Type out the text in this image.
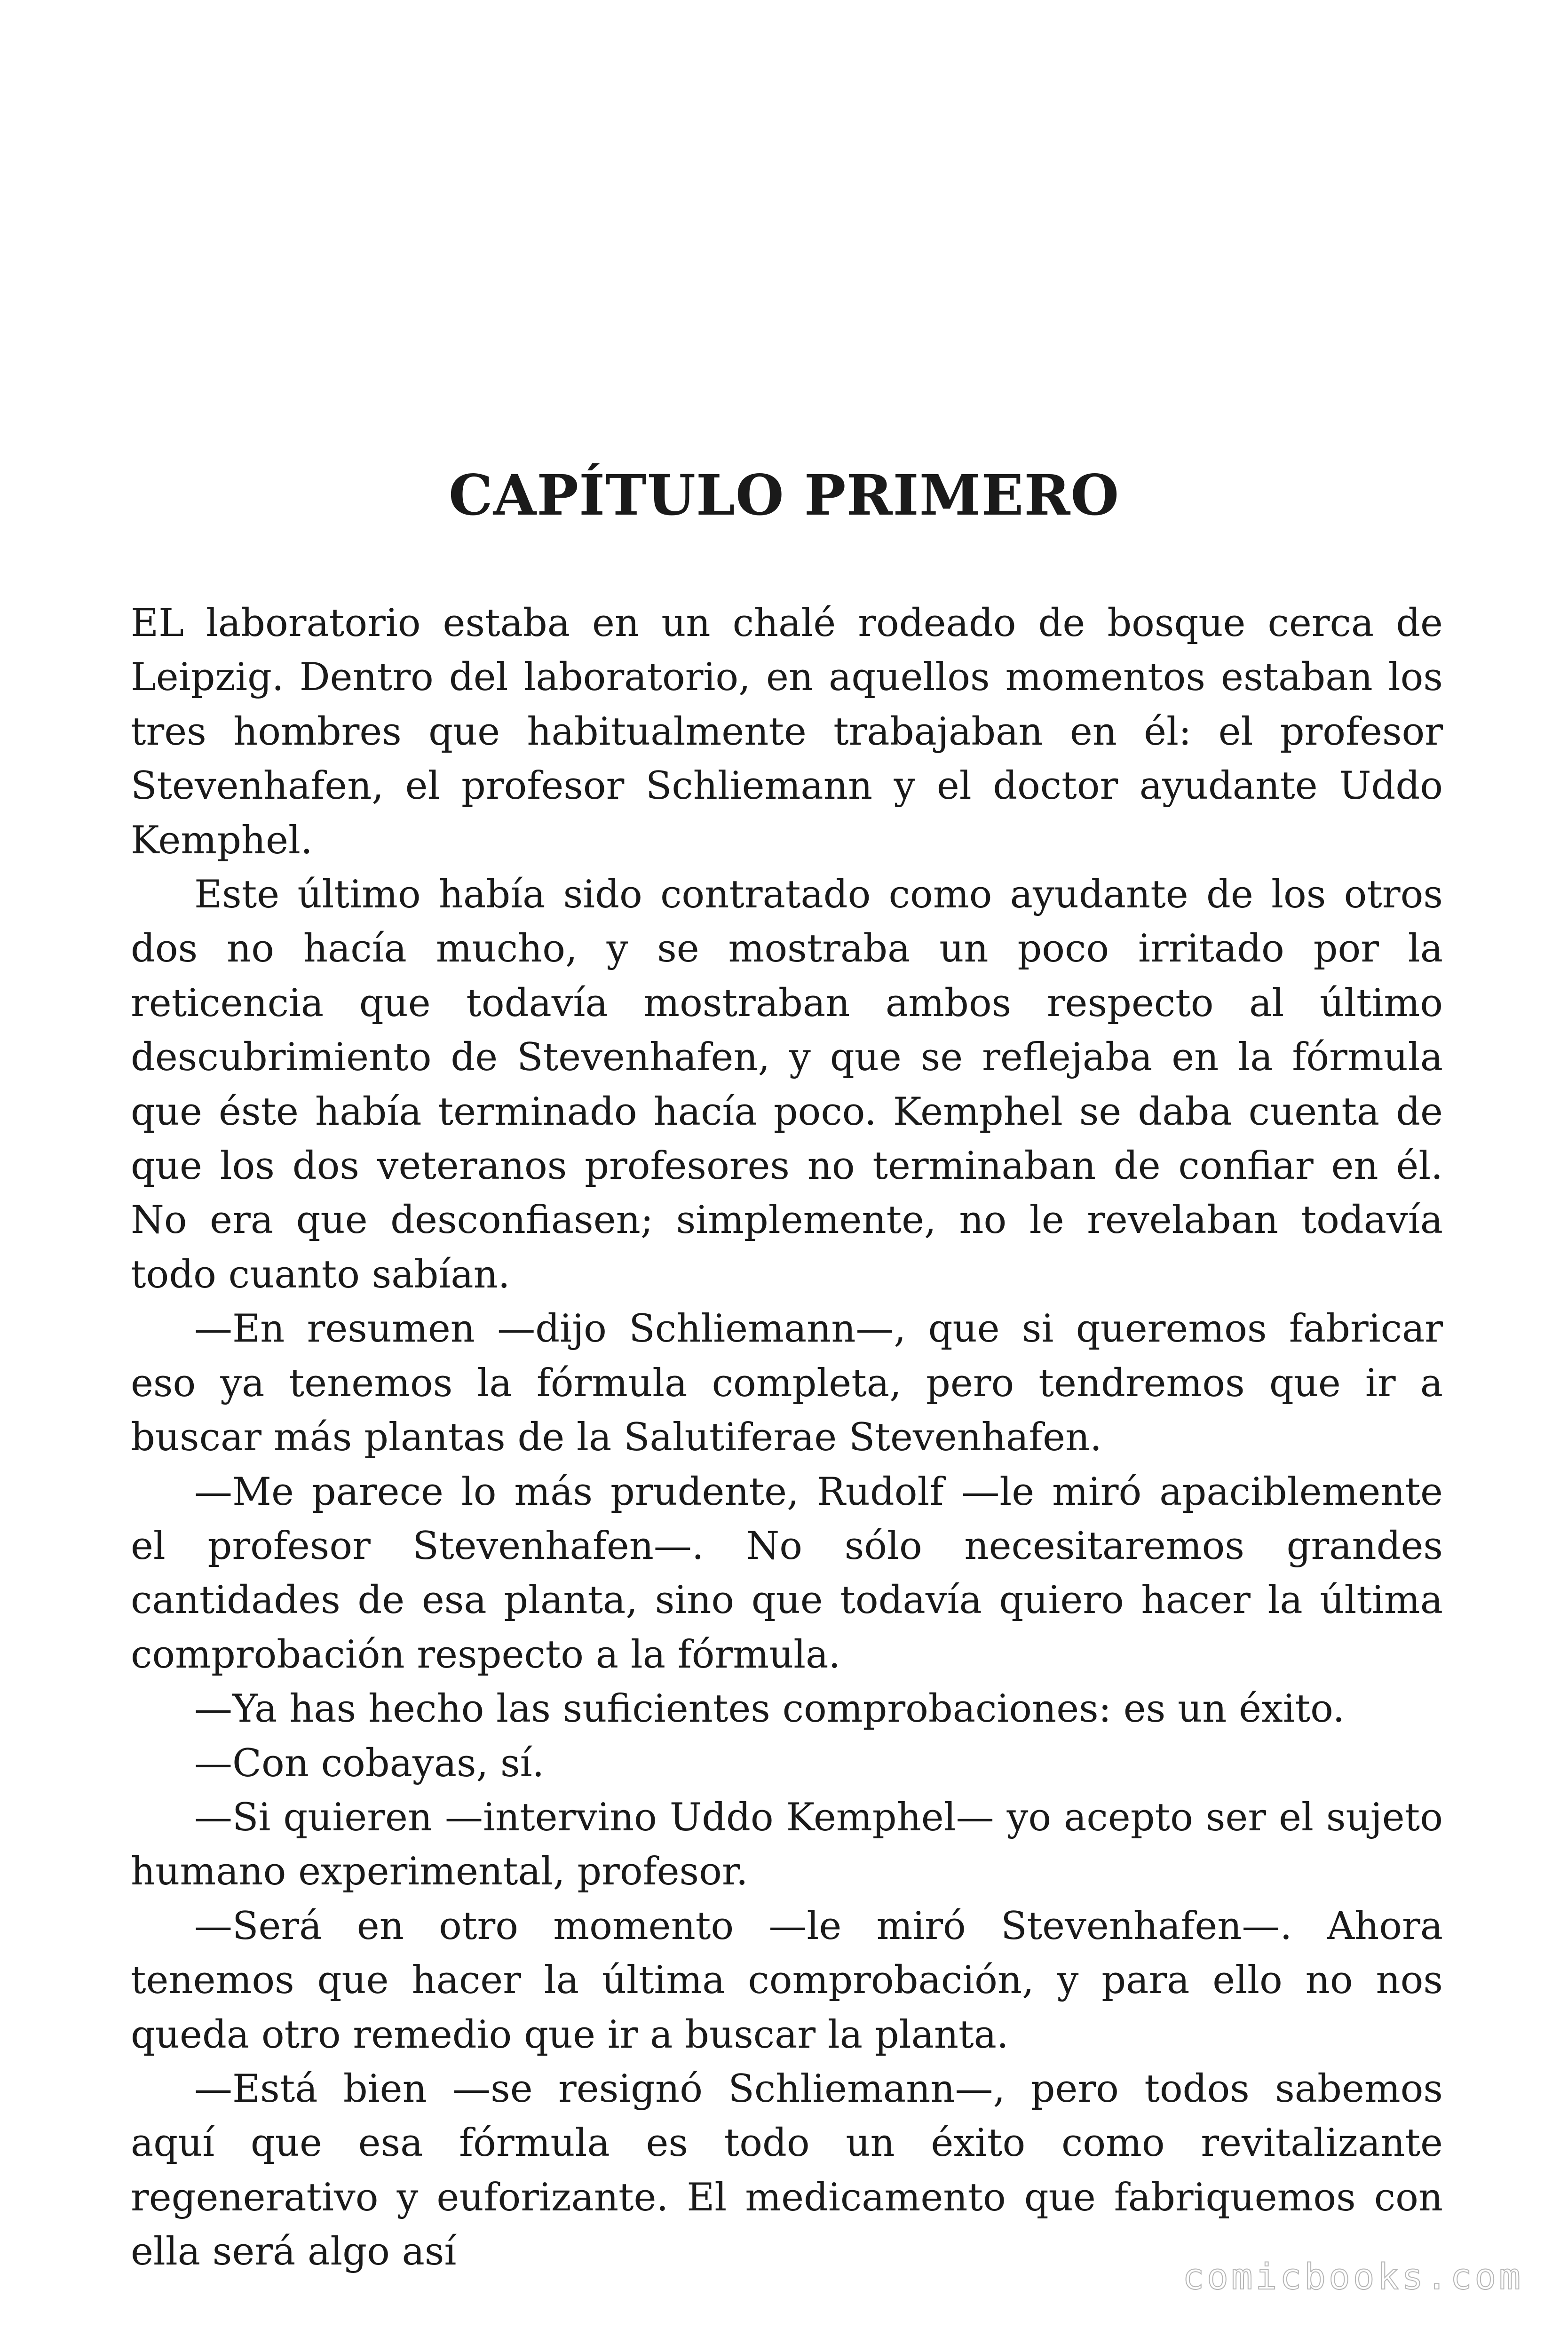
CAPÍTULO PRIMERO

EL laboratorio estaba en un chalé rodeado de bosque cerca de Leipzig. Dentro del laboratorio, en aquellos momentos estaban los tres hombres que habitualmente trabajaban en él: el profesor Stevenhafen, el profesor Schliemann y el doctor ayudante Uddo Kemphel.

Este último había sido contratado como ayudante de los otros dos no hacía mucho, y se mostraba un poco irritado por la reticencia que todavía mostraban ambos respecto al último descubrimiento de Stevenhafen, y que se reflejaba en la fórmula que éste había terminado hacía poco. Kemphel se daba cuenta de que los dos veteranos profesores no terminaban de confiar en él. No era que desconfiasen; simplemente, no le revelaban todavía todo cuanto sabían.

—En resumen —dijo Schliemann—, que si queremos fabricar eso ya tenemos la fórmula completa, pero tendremos que ir a buscar más plantas de la Salutiferae Stevenhafen.

—Me parece lo más prudente, Rudolf —le miró apaciblemente el profesor Stevenhafen—. No sólo necesitaremos grandes cantidades de esa planta, sino que todavía quiero hacer la última comprobación respecto a la fórmula.

—Ya has hecho las suficientes comprobaciones: es un éxito.

—Con cobayas, sí.

—Si quieren —intervino Uddo Kemphel— yo acepto ser el sujeto humano experimental, profesor.

—Será en otro momento —le miró Stevenhafen—. Ahora tenemos que hacer la última comprobación, y para ello no nos queda otro remedio que ir a buscar la planta.

—Está bien —se resignó Schliemann—, pero todos sabemos aquí que esa fórmula es todo un éxito como revitalizante regenerativo y euforizante. El medicamento que fabriquemos con ella será algo así

comicbooks.com
